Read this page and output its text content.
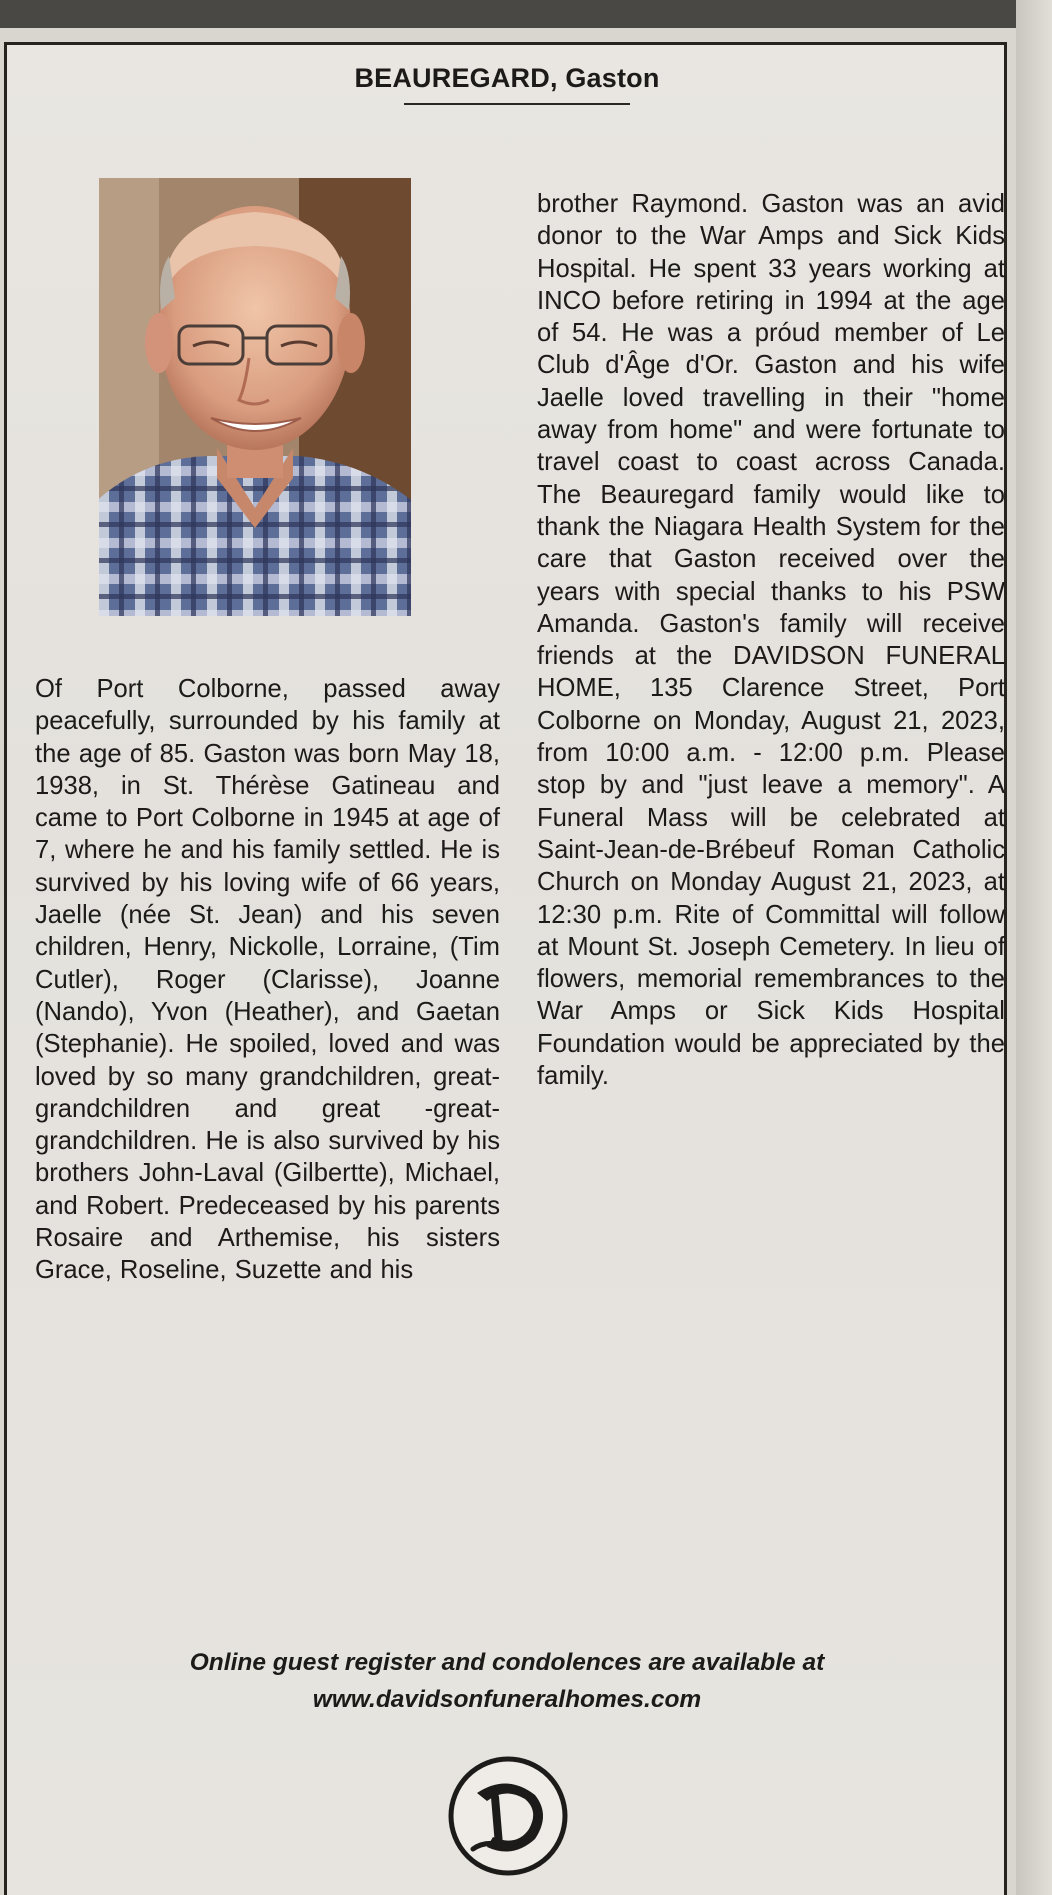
BEAUREGARD, Gaston
Of Port Colborne, passed away peacefully, surrounded by his family at the age of 85. Gaston was born May 18, 1938, in St. Thérèse Gatineau and came to Port Colborne in 1945 at age of 7, where he and his family settled. He is survived by his loving wife of 66 years, Jaelle (née St. Jean) and his seven children, Henry, Nickolle, Lorraine, (Tim Cutler), Roger (Clarisse), Joanne (Nando), Yvon (Heather), and Gaetan (Stephanie). He spoiled, loved and was loved by so many grandchildren, great- grandchildren and great -great-grandchildren. He is also survived by his brothers John-Laval (Gilbertte), Michael, and Robert. Predeceased by his parents Rosaire and Arthemise, his sisters Grace, Roseline, Suzette and his
brother Raymond. Gaston was an avid donor to the War Amps and Sick Kids Hospital. He spent 33 years working at INCO before retiring in 1994 at the age of 54. He was a próud member of Le Club d'Âge d'Or. Gaston and his wife Jaelle loved travelling in their "home away from home" and were fortunate to travel coast to coast across Canada. The Beauregard family would like to thank the Niagara Health System for the care that Gaston received over the years with special thanks to his PSW Amanda. Gaston's family will receive friends at the DAVIDSON FUNERAL HOME, 135 Clarence Street, Port Colborne on Monday, August 21, 2023, from 10:00 a.m. - 12:00 p.m. Please stop by and "just leave a memory". A Funeral Mass will be celebrated at Saint-Jean-de-Brébeuf Roman Catholic Church on Monday August 21, 2023, at 12:30 p.m. Rite of Committal will follow at Mount St. Joseph Cemetery. In lieu of flowers, memorial remembrances to the War Amps or Sick Kids Hospital Foundation would be appreciated by the family.
Online guest register and condolences are available at
www.davidsonfuneralhomes.com
